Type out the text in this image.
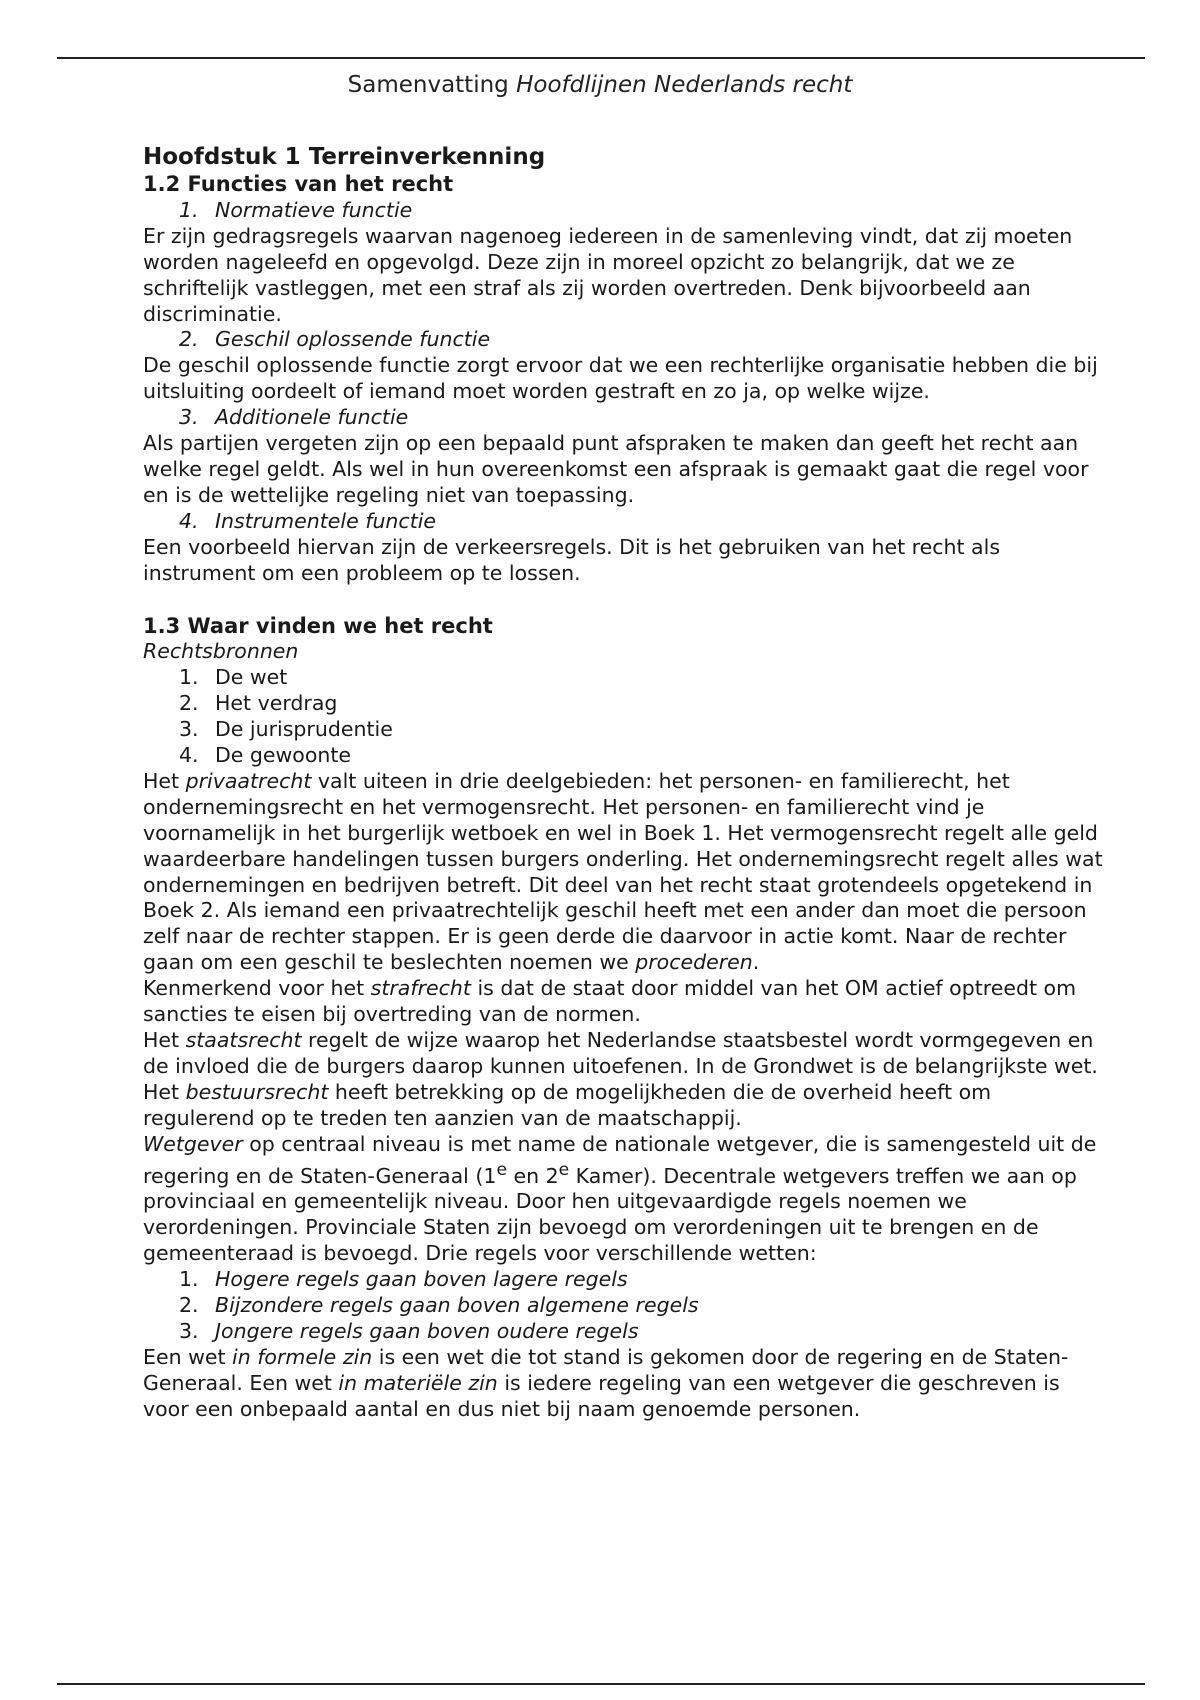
Samenvatting Hoofdlijnen Nederlands recht
Hoofdstuk 1 Terreinverkenning
1.2 Functies van het recht

1. Normatieve functie

Er zijn gedragsregels waarvan nagenoeg iedereen in de samenleving vindt, dat zij moeten worden nageleefd en opgevolgd. Deze zijn in moreel opzicht zo belangrijk, dat we ze schriftelijk vastleggen, met een straf als zij worden overtreden. Denk bijvoorbeeld aan discriminatie.

2. Geschil oplossende functie

De geschil oplossende functie zorgt ervoor dat we een rechterlijke organisatie hebben die bij uitsluiting oordeelt of iemand moet worden gestraft en zo ja, op welke wijze.

3. Additionele functie

Als partijen vergeten zijn op een bepaald punt afspraken te maken dan geeft het recht aan welke regel geldt. Als wel in hun overeenkomst een afspraak is gemaakt gaat die regel voor en is de wettelijke regeling niet van toepassing.

4. Instrumentele functie

Een voorbeeld hiervan zijn de verkeersregels. Dit is het gebruiken van het recht als instrument om een probleem op te lossen.

1.3 Waar vinden we het recht

Rechtsbronnen

1. De wet

2. Het verdrag

3. De jurisprudentie

4. De gewoonte

Het privaatrecht valt uiteen in drie deelgebieden: het personen- en familierecht, het ondernemingsrecht en het vermogensrecht. Het personen- en familierecht vind je voornamelijk in het burgerlijk wetboek en wel in Boek 1. Het vermogensrecht regelt alle geld waardeerbare handelingen tussen burgers onderling. Het ondernemingsrecht regelt alles wat ondernemingen en bedrijven betreft. Dit deel van het recht staat grotendeels opgetekend in Boek 2. Als iemand een privaatrechtelijk geschil heeft met een ander dan moet die persoon zelf naar de rechter stappen. Er is geen derde die daarvoor in actie komt. Naar de rechter gaan om een geschil te beslechten noemen we procederen.

Kenmerkend voor het strafrecht is dat de staat door middel van het OM actief optreedt om sancties te eisen bij overtreding van de normen.

Het staatsrecht regelt de wijze waarop het Nederlandse staatsbestel wordt vormgegeven en de invloed die de burgers daarop kunnen uitoefenen. In de Grondwet is de belangrijkste wet.

Het bestuursrecht heeft betrekking op de mogelijkheden die de overheid heeft om regulerend op te treden ten aanzien van de maatschappij.

Wetgever op centraal niveau is met name de nationale wetgever, die is samengesteld uit de regering en de Staten-Generaal (1e en 2e Kamer). Decentrale wetgevers treffen we aan op provinciaal en gemeentelijk niveau. Door hen uitgevaardigde regels noemen we verordeningen. Provinciale Staten zijn bevoegd om verordeningen uit te brengen en de gemeenteraad is bevoegd. Drie regels voor verschillende wetten:

1. Hogere regels gaan boven lagere regels

2. Bijzondere regels gaan boven algemene regels

3. Jongere regels gaan boven oudere regels

Een wet in formele zin is een wet die tot stand is gekomen door de regering en de Staten-Generaal. Een wet in materiële zin is iedere regeling van een wetgever die geschreven is voor een onbepaald aantal en dus niet bij naam genoemde personen.
